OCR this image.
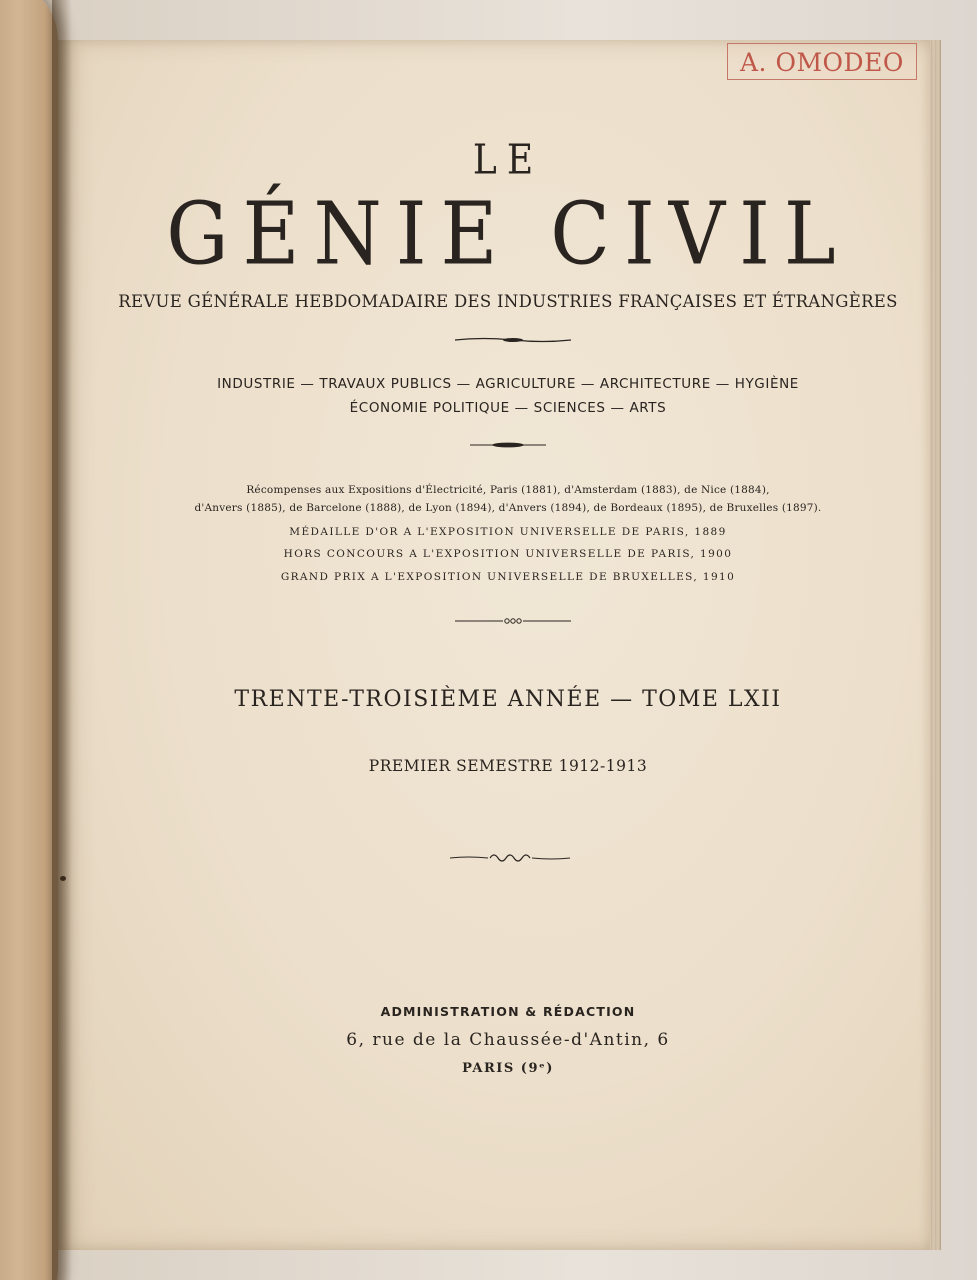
A. OMODEO
LE
GÉNIE CIVIL
REVUE GÉNÉRALE HEBDOMADAIRE DES INDUSTRIES FRANÇAISES ET ÉTRANGÈRES
INDUSTRIE — TRAVAUX PUBLICS — AGRICULTURE — ARCHITECTURE — HYGIÈNE
ÉCONOMIE POLITIQUE — SCIENCES — ARTS
Récompenses aux Expositions d'Électricité, Paris (1881), d'Amsterdam (1883), de Nice (1884),
d'Anvers (1885), de Barcelone (1888), de Lyon (1894), d'Anvers (1894), de Bordeaux (1895), de Bruxelles (1897).
MÉDAILLE D'OR A L'EXPOSITION UNIVERSELLE DE PARIS, 1889
HORS CONCOURS A L'EXPOSITION UNIVERSELLE DE PARIS, 1900
GRAND PRIX A L'EXPOSITION UNIVERSELLE DE BRUXELLES, 1910
TRENTE-TROISIÈME ANNÉE — TOME LXII
PREMIER SEMESTRE 1912-1913
ADMINISTRATION & RÉDACTION
6, rue de la Chaussée-d'Antin, 6
PARIS (9ᵉ)
